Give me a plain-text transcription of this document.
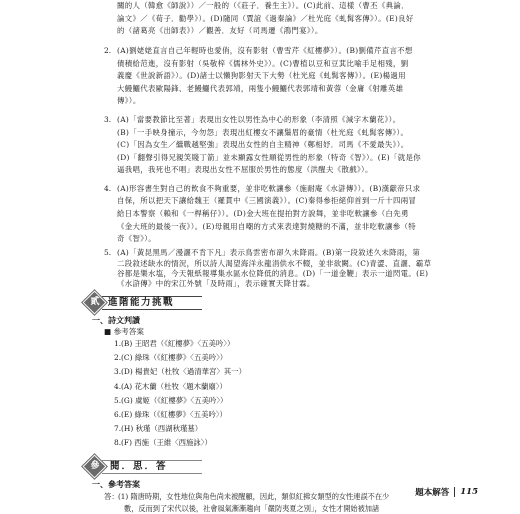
關的人（韓愈《師說》）／一般的（《莊子．養生主》）。(C)此前、這樣（曹丕《典論．
論文》／《荀子．勸學》）。(D)隨同（賈誼《過秦論》／杜光庭《虬髯客傳》）。(E)良好
的（諸葛亮《出師表》）／觀善．友好（司馬遷《鴻門宴》）。
2. (A)劉姥姥直言自己年輕時也愛俏，沒有影射（曹雪芹《紅樓夢》）。(B)劉備芹直言不想
債積給范進，沒有影射（吳敬梓《儒林外史》）。(C)曹植以豆和豆萁比喻手足相殘，劉
義慶《世說新語》）。(D)諸士以懶狗影射天下大勢（杜光庭《虬髯客傳》）。(E)楊過用
大鰻鱺代表歐陽鋒、老鰻鱺代表郭靖，兩隻小鰻鱺代表郭靖和黃蓉（金庸《射雕英雄
傳》）。
3. (A)「當要教節比至著」表現出女性以男性為中心的形象（李清照《減字木蘭花》）。
(B)「一手映身撞示，今勿怨」表現出紅樓女不讓鬚眉的豪情（杜光庭《虬髯客傳》）。
(C)「因為女生／繼戰越堅強」表現出女性的自主精神（鄭相妤．司馬《不愛最失》）。
(D)「翻聲引得兄親笑賤丁箭」並未顯露女性順從男性的形象（特奇《智》）。(E)「就是你
逼我唱，我死也不唱」表現出女性不屈服於男性的態度（洪醒夫《散戲》）。
4. (A)形容書生對自己的飲食不夠重要，並非吃軟讓參（施耐庵《水滸傳》）。(B)漢獻帝只求
自保，所以把天下讓給魏王（羅貫中《三國演義》）。(C)秦得參拒絕仰首到一斤十四兩冒
給日本警察（賴和《一桿稱仔》）。(D)金大班在提拍對方說舞，並非吃軟讓參（白先勇
《金大班的最後一夜》）。(E)母親用自嘲的方式來表達對燒糖的不滿，並非吃軟讓參（特
奇《智》）。
5. (A)「黃昆黑馬／漫灑不肯下凡」表示鳥雲密布卻久未降雨。(B)第一段敘述久未降雨，第
二段敘述缺水的情況，所以詩人渴望海洋永龍涓供水不輟，並非欲闕。(C)青澀、直灑、霸草
谷都是樂水塩，今天報紙報導集水區水位降低的消息。(D)「一道金鞭」表示一道閃電。(E)
《水滸傳》中的宋江外號「及時雨」，表示確實天降甘霖。
貳 進階能力挑戰
一、詩文判讀
■ 參考答案
1.(B) 王昭君（《紅樓夢》〈五美吟〉）
2.(C) 綠珠（《紅樓夢》〈五美吟〉）
3.(D) 楊貴妃（杜牧〈過清華宮〉其一）
4.(A) 花木蘭（杜牧〈題木蘭廟〉）
5.(G) 虞姬（《紅樓夢》〈五美吟〉）
6.(E) 綠珠（《紅樓夢》〈五美吟〉）
7.(H) 秋瑾（西湖秋瑾墓）
8.(F) 西施（王維〈西施詠〉）
參 閱．思．答
一、參考答案
答： (1) 隋唐時期，女性地位與角色尚未被醒顧，因此，類似紅拂女類型的女性連誤不在少
數，反而到了宋代以後，社會風氣漸漸趨向「嚴防夷夏之別」，女性才開始被加諸
題本解答 115
